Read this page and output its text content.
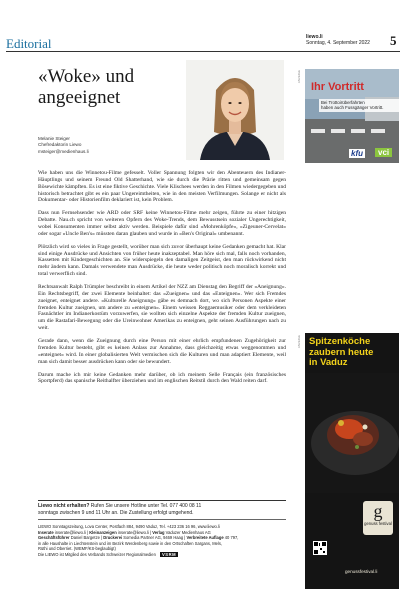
Editorial	liewo.li
Sonntag, 4. September 2022 5
«Woke» und
angeeignet
Melanie Steiger
Chefredaktorin Liewo
msteiger@medienhaus.li

Wie haben uns die Winnetou-Filme gefesselt. Voller Spannung folgten wir den Abenteuern des Indianer-Häuptlings und seinem Freund Old Shatterhand, wie sie durch die Prärie ritten und gemeinsam gegen Bösewichte kämpften. Es ist eine fiktive Geschichte. Viele Klischees werden in den Filmen wiedergegeben und historisch betrachtet gibt es ein paar Ungereimtheiten, wie in den meisten Verfilmungen. Solange er nicht als Dokumentar- oder Historienfilm deklariert ist, kein Problem.

Dass nun Fernsehsender wie ARD oder SRF keine Winnetou-Filme mehr zeigen, führte zu einer hitzigen Debatte. Nau.ch spricht von weiteren Opfern des Woke-Trends, dem Bewusstsein sozialer Ungerechtigkeit, wobei Konsumenten immer selbst aktiv werden. Beispiele dafür sind «Mohrenköpfe», «Zigeuner-Cervelat» oder sogar «Uncle Ben's» müssten daran glauben und wurde in «Ben's Original» umbenannt.

Plötzlich wird so vieles in Frage gestellt, worüber man sich zuvor überhaupt keine Gedanken gemacht hat. Klar sind einige Ausdrücke und Ansichten von früher heute inakzeptabel. Man höre sich mal, falls noch vorhanden, Kassetten mit Kindergeschichten an. Sie widerspiegeln den damaligen Zeitgeist, den man rückwirkend nicht mehr ändern kann. Damals verwendete man Ausdrücke, die heute weder politisch noch moralisch korrekt und total verwerflich sind.

Rechtsanwalt Ralph Trümpler beschreibt in einem Artikel der NZZ am Dienstag den Begriff der «Aneignung». Ein Rechtsbegriff, der zwei Elemente beinhaltet: das «Zueignen» und das «Enteignen». Wer sich Fremdes zueignet, enteignet andere. «Kulturelle Aneignung» gäbe es demnach dort, wo sich Personen Aspekte einer fremden Kultur zueignen, um andere zu «enteignen». Einem weissen Reggaemusiker oder dem verkleideten Fasnächtler im Indianerkostüm vorzuwerfen, sie wollten sich einzelne Aspekte der fremden Kultur zueignen, um die Rastafari-Bewegung oder die Ureinwohner Amerikas zu enteignen, geht seinen Ausführungen nach zu weit.

Gerade dann, wenn die Zueignung durch eine Person mit einer ehrlich empfundenen Zugehörigkeit zur fremden Kultur besteht, gibt es keinen Anlass zur Annahme, dass gleichzeitig etwas weggenommen und «enteignet» wird. In einer globalisierten Welt vermischen sich die Kulturen und man adaptiert Elemente, weil man sich damit besser ausdrücken kann oder sie bewundert.

Darum mache ich mir keine Gedanken mehr darüber, ob ich meinem Selle Français (ein französisches Sportpferd) das spanische Reithalfter überziehen und im englischen Reitstil durch den Wald reiten darf.

Liewo nicht erhalten? Rufen Sie unsere Hotline unter Tel. 077 400 08 11
sonntags zwischen 9 und 11 Uhr an. Die Zustellung erfolgt umgehend.
LIEWO Sonntagszeitung, Lova Center, Postfach 884, 9490 Vaduz, Tel. +423 236 16 96, www.liewo.li
Inserate inserate@liewo.li | Kleinanzeigen inserate@liewo.li | Verlag Vaduzer Medienhaus AG
Geschäftsführer Daniel Bargetze | Druckerei Somedia Partner AG, 9469 Haag | Verbreitete Auflage 40 797,
in alle Haushalte in Liechtenstein und im Bezirk Werdenberg sowie in den Ortschaften Sargans, Mels,
Rüthi und Oberriet. (WEMF/KS-beglaubigt)
Die LIEWO ist Mitglied des Verbands Schweizer Regionalmedien VSRM
ANZEIGE
Ihr Vortritt
Bei Trottoirüberfahrten
haben auch Fussgänger Vortritt.
kfu	vci
ANZEIGE Spitzenköche
zaubern heute
in Vaduz
g
genuss festival
genussfestival.li
